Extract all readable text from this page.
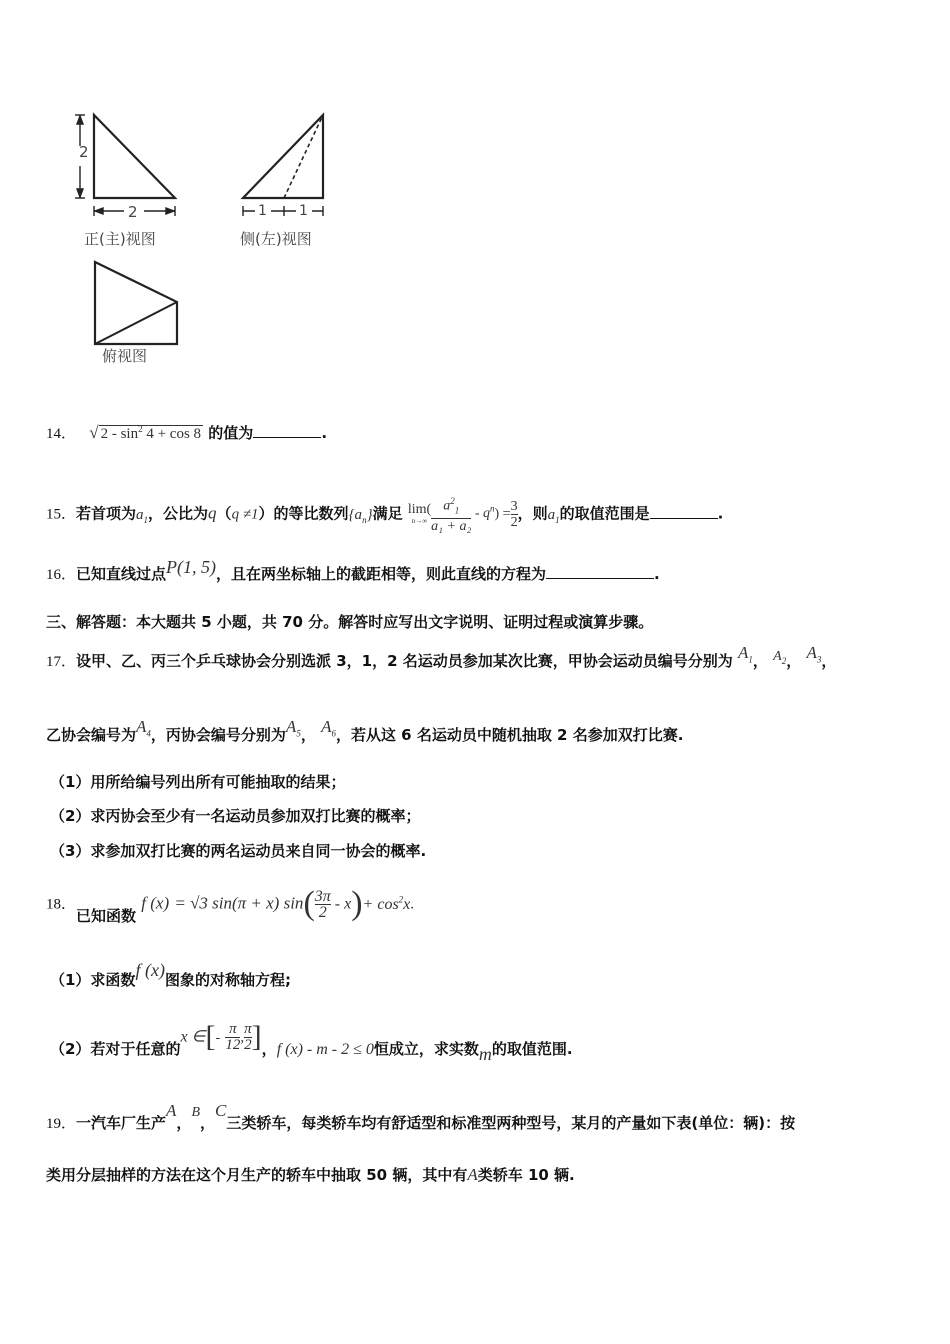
2
2	1 1
正(主)视图	侧(左)视图
俯视图
14． √ $2 - \sin^2 4 + \cos 8$ 的值为	.
15．若首项为$a_1$，公比为q（q ≠1）的等比数列$\{a_n\}$满足 lim(
$n\to\infty \frac{a^2_1}{\text{a₁ + a₂}} - q^n) = \frac{3}{2}$ ，则$a_1$的取值范围是	.
16．已知直线过点P(1, 5)，且在两坐标轴上的截距相等，则此直线的方程为	.
三、解答题：本大题共 5 小题，共 70 分。解答时应写出文字说明、证明过程或演算步骤。
17．设甲、乙、丙三个乒乓球协会分别选派 3，1，2 名运动员参加某次比赛，甲协会运动员编号分别为 $A_1$， $A_2$， $A_3$，
乙协会编号为$A_4$，丙协会编号分别为$A_5$， $A_6$，若从这 6 名运动员中随机抽取 2 名参加双打比赛.
（1）用所给编号列出所有可能抽取的结果；
（2）求丙协会至少有一名运动员参加双打比赛的概率；
（3）求参加双打比赛的两名运动员来自同一协会的概率.
18．已知函数 f (x) = √3 sin(π + x) $\sin( \frac{3\pi}{2} - x)+ \cos^2x$.
（1）求函数f (x)图象的对称轴方程;
（2）若对于任意的x ∈[- $\frac{\pi}{12}$ , $\frac{\pi}{2}$ ]，f (x) - m - 2 ≤ 0恒成立，求实数m的取值范围.
19．一汽车厂生产A，B，C三类轿车，每类轿车均有舒适型和标准型两种型号，某月的产量如下表(单位：辆)：按
类用分层抽样的方法在这个月生产的轿车中抽取 50 辆，其中有A类轿车 10 辆.
